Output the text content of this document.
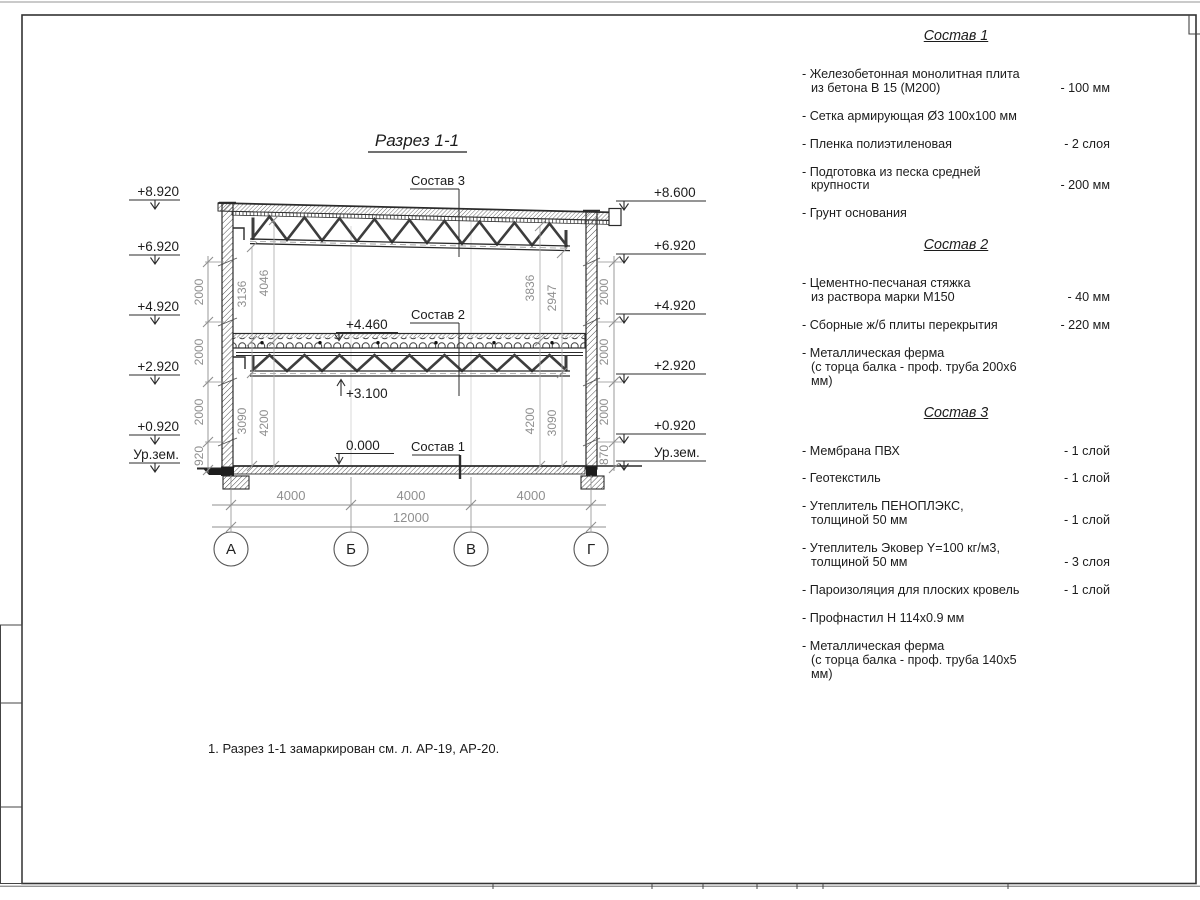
Разрез 1-1
Состав 3
Состав 2
Состав 1
+4.460
+3.100
0.000
+8.920
+6.920
+4.920
+2.920
+0.920
Ур.зем.
+8.600
+6.920
+4.920
+2.920
+0.920
Ур.зем.
2000
2000
2000
920
2000
2000
2000
870
3136
3090
4046
4200
3836
4200
2947
3090
4000	4000	4000
12000
А	Б	В	Г
Состав 1
- Железобетонная монолитная плита
из бетона В 15 (М200)	- 100 мм
- Сетка армирующая Ø3 100х100 мм
- Пленка полиэтиленовая	- 2 слоя
- Подготовка из песка средней
крупности	- 200 мм
- Грунт основания
Состав 2
- Цементно-песчаная стяжка
из раствора марки М150	- 40 мм
- Сборные ж/б плиты перекрытия	- 220 мм
- Металлическая ферма
(с торца балка - проф. труба 200х6 мм)
Состав 3
- Мембрана ПВХ	- 1 слой
- Геотекстиль	- 1 слой
- Утеплитель ПЕНОПЛЭКС,
толщиной 50 мм	- 1 слой
- Утеплитель Эковер Y=100 кг/м3,
толщиной 50 мм	- 3 слоя
- Пароизоляция для плоских кровель	- 1 слой
- Профнастил Н 114х0.9 мм
- Металлическая ферма
(с торца балка - проф. труба 140х5 мм)
1. Разрез 1-1 замаркирован см. л. АР-19, АР-20.
